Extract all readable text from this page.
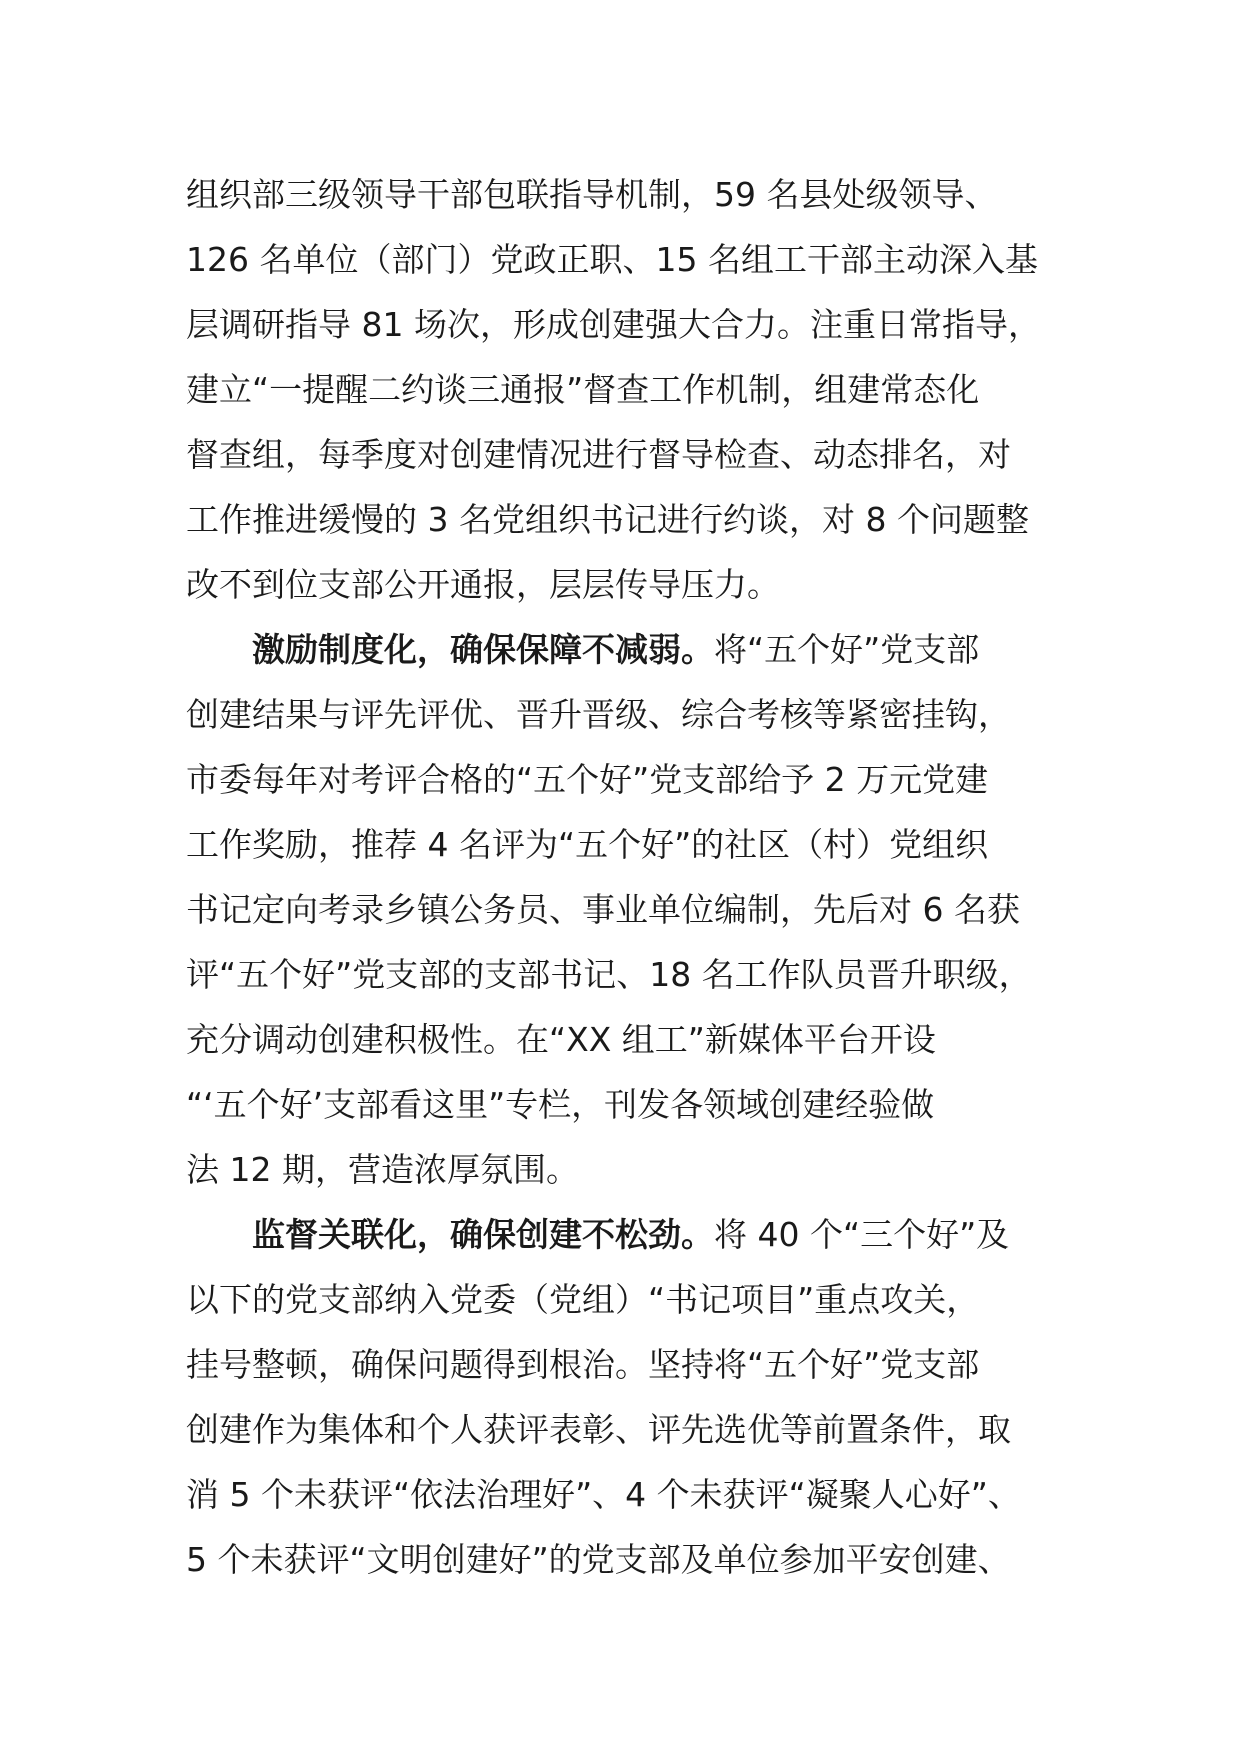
组织部三级领导干部包联指导机制，59 名县处级领导、
126 名单位（部门）党政正职、15 名组工干部主动深入基
层调研指导 81 场次，形成创建强大合力。注重日常指导，
建立“一提醒二约谈三通报”督查工作机制，组建常态化
督查组，每季度对创建情况进行督导检查、动态排名，对
工作推进缓慢的 3 名党组织书记进行约谈，对 8 个问题整
改不到位支部公开通报，层层传导压力。
激励制度化，确保保障不减弱。 将“五个好”党支部
创建结果与评先评优、晋升晋级、综合考核等紧密挂钩，
市委每年对考评合格的“五个好”党支部给予 2 万元党建
工作奖励，推荐 4 名评为“五个好”的社区（村）党组织
书记定向考录乡镇公务员、事业单位编制，先后对 6 名获
评“五个好”党支部的支部书记、18 名工作队员晋升职级，
充分调动创建积极性。在“XX 组工”新媒体平台开设
“‘五个好’支部看这里”专栏，刊发各领域创建经验做
法 12 期，营造浓厚氛围。
监督关联化，确保创建不松劲。 将 40 个“三个好”及
以下的党支部纳入党委（党组）“书记项目”重点攻关，
挂号整顿，确保问题得到根治。坚持将“五个好”党支部
创建作为集体和个人获评表彰、评先选优等前置条件，取
消 5 个未获评“依法治理好”、4 个未获评“凝聚人心好”、
5 个未获评“文明创建好”的党支部及单位参加平安创建、
